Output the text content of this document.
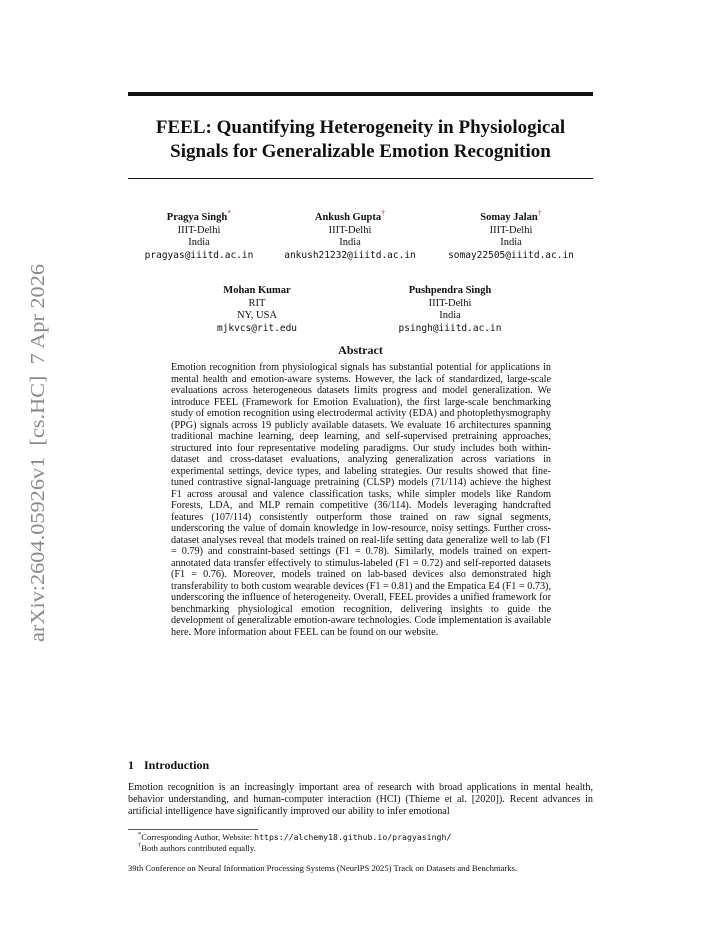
arXiv:2604.05926v1  [cs.HC]  7 Apr 2026
FEEL: Quantifying Heterogeneity in Physiological
Signals for Generalizable Emotion Recognition
Pragya Singh*
IIIT-Delhi
India
pragyas@iiitd.ac.in
Ankush Gupta†
IIIT-Delhi
India
ankush21232@iiitd.ac.in
Somay Jalan†
IIIT-Delhi
India
somay22505@iiitd.ac.in
Mohan Kumar
RIT
NY, USA
mjkvcs@rit.edu
Pushpendra Singh
IIIT-Delhi
India
psingh@iiitd.ac.in
Abstract
Emotion recognition from physiological signals has substantial potential for applications in mental health and emotion-aware systems. However, the lack of standardized, large-scale evaluations across heterogeneous datasets limits progress and model generalization. We introduce FEEL (Framework for Emotion Evaluation), the first large-scale benchmarking study of emotion recognition using electrodermal activity (EDA) and photoplethysmography (PPG) signals across 19 publicly available datasets. We evaluate 16 architectures spanning traditional machine learning, deep learning, and self-supervised pretraining approaches, structured into four representative modeling paradigms. Our study includes both within-dataset and cross-dataset evaluations, analyzing generalization across variations in experimental settings, device types, and labeling strategies. Our results showed that fine-tuned contrastive signal-language pretraining (CLSP) models (71/114) achieve the highest F1 across arousal and valence classification tasks, while simpler models like Random Forests, LDA, and MLP remain competitive (36/114). Models leveraging handcrafted features (107/114) consistently outperform those trained on raw signal segments, underscoring the value of domain knowledge in low-resource, noisy settings. Further cross-dataset analyses reveal that models trained on real-life setting data generalize well to lab (F1 = 0.79) and constraint-based settings (F1 = 0.78). Similarly, models trained on expert-annotated data transfer effectively to stimulus-labeled (F1 = 0.72) and self-reported datasets (F1 = 0.76). Moreover, models trained on lab-based devices also demonstrated high transferability to both custom wearable devices (F1 = 0.81) and the Empatica E4 (F1 = 0.73), underscoring the influence of heterogeneity. Overall, FEEL provides a unified framework for benchmarking physiological emotion recognition, delivering insights to guide the development of generalizable emotion-aware technologies. Code implementation is available here. More information about FEEL can be found on our website.
1 Introduction
Emotion recognition is an increasingly important area of research with broad applications in mental health, behavior understanding, and human-computer interaction (HCI) (Thieme et al. [2020]). Recent advances in artificial intelligence have significantly improved our ability to infer emotional
*Corresponding Author, Website: https://alchemy18.github.io/pragyasingh/
†Both authors contributed equally.
39th Conference on Neural Information Processing Systems (NeurIPS 2025) Track on Datasets and Benchmarks.
